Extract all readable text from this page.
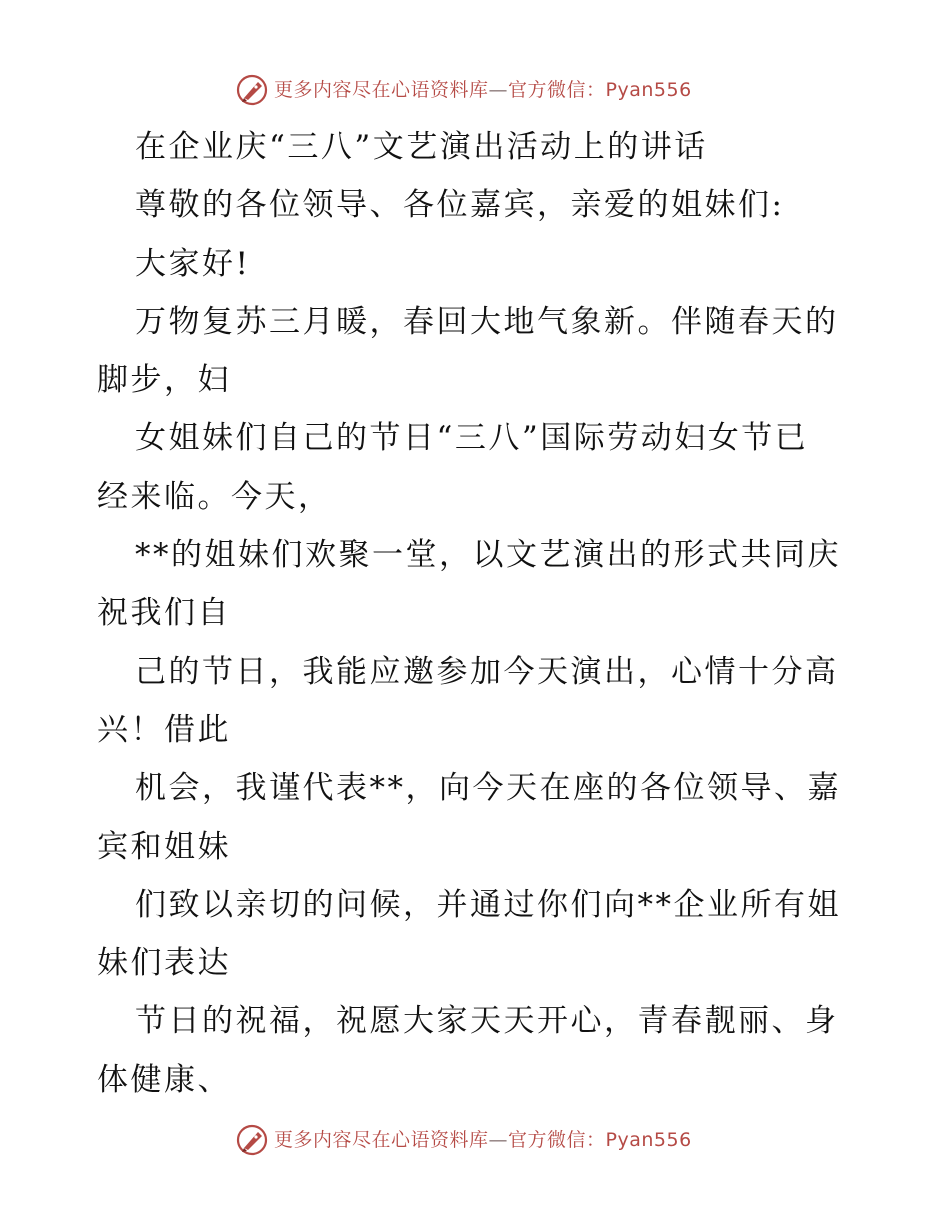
更多内容尽在心语资料库—官方微信：Pyan556

在企业庆“三八”文艺演出活动上的讲话

尊敬的各位领导、各位嘉宾，亲爱的姐妹们:

大家好!

万物复苏三月暖，春回大地气象新。伴随春天的

脚步，妇

女姐妹们自己的节日“三八”国际劳动妇女节已

经来临。今天，

**的姐妹们欢聚一堂，以文艺演出的形式共同庆

祝我们自

己的节日，我能应邀参加今天演出，心情十分高

兴！借此

机会，我谨代表**，向今天在座的各位领导、嘉

宾和姐妹

们致以亲切的问候，并通过你们向**企业所有姐

妹们表达

节日的祝福，祝愿大家天天开心，青春靓丽、身

体健康、

更多内容尽在心语资料库—官方微信：Pyan556
